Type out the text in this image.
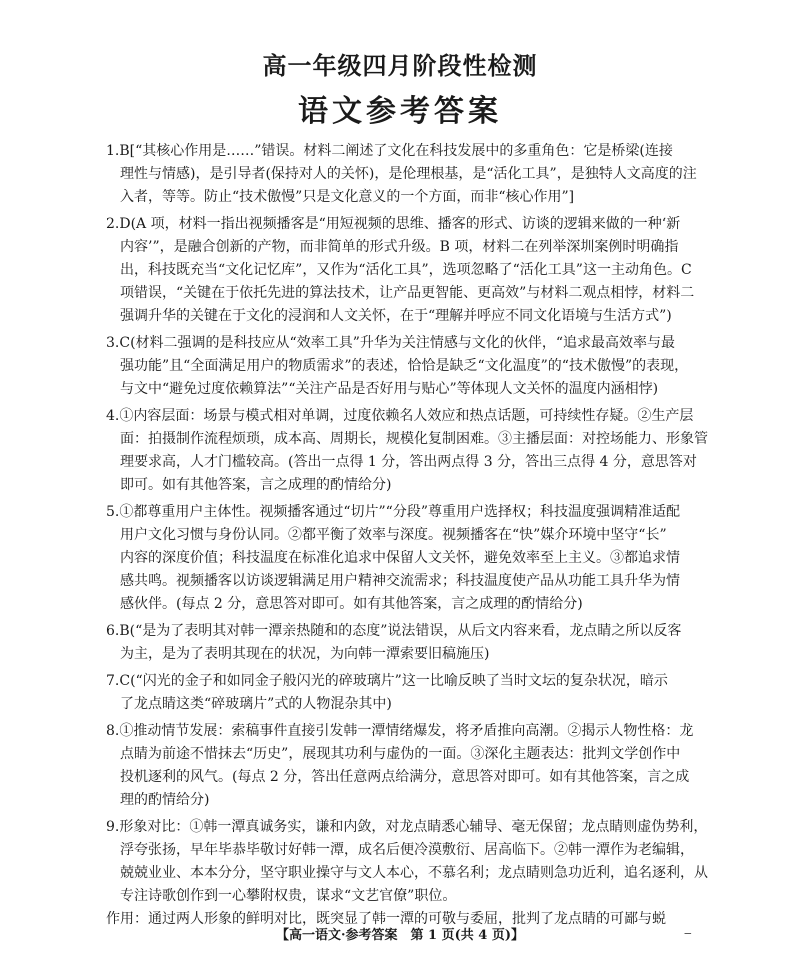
高一年级四月阶段性检测
语文参考答案
1.B[“其核心作用是……”错误。材料二阐述了文化在科技发展中的多重角色：它是桥梁(连接
理性与情感)，是引导者(保持对人的关怀)，是伦理根基，是“活化工具”，是独特人文高度的注
入者，等等。防止“技术傲慢”只是文化意义的一个方面，而非“核心作用”]
2.D(A 项，材料一指出视频播客是“用短视频的思维、播客的形式、访谈的逻辑来做的一种‘新
内容’”，是融合创新的产物，而非简单的形式升级。B 项，材料二在列举深圳案例时明确指
出，科技既充当“文化记忆库”，又作为“活化工具”，选项忽略了“活化工具”这一主动角色。C
项错误，“关键在于依托先进的算法技术，让产品更智能、更高效”与材料二观点相悖，材料二
强调升华的关键在于文化的浸润和人文关怀，在于“理解并呼应不同文化语境与生活方式”)
3.C(材料二强调的是科技应从“效率工具”升华为关注情感与文化的伙伴，“追求最高效率与最
强功能”且“全面满足用户的物质需求”的表述，恰恰是缺乏“文化温度”的“技术傲慢”的表现，
与文中“避免过度依赖算法”“关注产品是否好用与贴心”等体现人文关怀的温度内涵相悖)
4.①内容层面：场景与模式相对单调，过度依赖名人效应和热点话题，可持续性存疑。②生产层
面：拍摄制作流程烦琐，成本高、周期长，规模化复制困难。③主播层面：对控场能力、形象管
理要求高，人才门槛较高。(答出一点得 1 分，答出两点得 3 分，答出三点得 4 分，意思答对
即可。如有其他答案，言之成理的酌情给分)
5.①都尊重用户主体性。视频播客通过“切片”“分段”尊重用户选择权；科技温度强调精准适配
用户文化习惯与身份认同。②都平衡了效率与深度。视频播客在“快”媒介环境中坚守“长”
内容的深度价值；科技温度在标准化追求中保留人文关怀，避免效率至上主义。③都追求情
感共鸣。视频播客以访谈逻辑满足用户精神交流需求；科技温度使产品从功能工具升华为情
感伙伴。(每点 2 分，意思答对即可。如有其他答案，言之成理的酌情给分)
6.B(“是为了表明其对韩一潭亲热随和的态度”说法错误，从后文内容来看，龙点睛之所以反客
为主，是为了表明其现在的状况，为向韩一潭索要旧稿施压)
7.C(“闪光的金子和如同金子般闪光的碎玻璃片”这一比喻反映了当时文坛的复杂状况，暗示
了龙点睛这类“碎玻璃片”式的人物混杂其中)
8.①推动情节发展：索稿事件直接引发韩一潭情绪爆发，将矛盾推向高潮。②揭示人物性格：龙
点睛为前途不惜抹去“历史”，展现其功利与虚伪的一面。③深化主题表达：批判文学创作中
投机逐利的风气。(每点 2 分，答出任意两点给满分，意思答对即可。如有其他答案，言之成
理的酌情给分)
9.形象对比：①韩一潭真诚务实，谦和内敛，对龙点睛悉心辅导、毫无保留；龙点睛则虚伪势利，
浮夸张扬，早年毕恭毕敬讨好韩一潭，成名后便冷漠敷衍、居高临下。②韩一潭作为老编辑，
兢兢业业、本本分分，坚守职业操守与文人本心，不慕名利；龙点睛则急功近利，追名逐利，从
专注诗歌创作到一心攀附权贵，谋求“文艺官僚”职位。
作用：通过两人形象的鲜明对比，既突显了韩一潭的可敬与委屈，批判了龙点睛的可鄙与蜕
【高一语文·参考答案　第 1 页(共 4 页)】	‒
